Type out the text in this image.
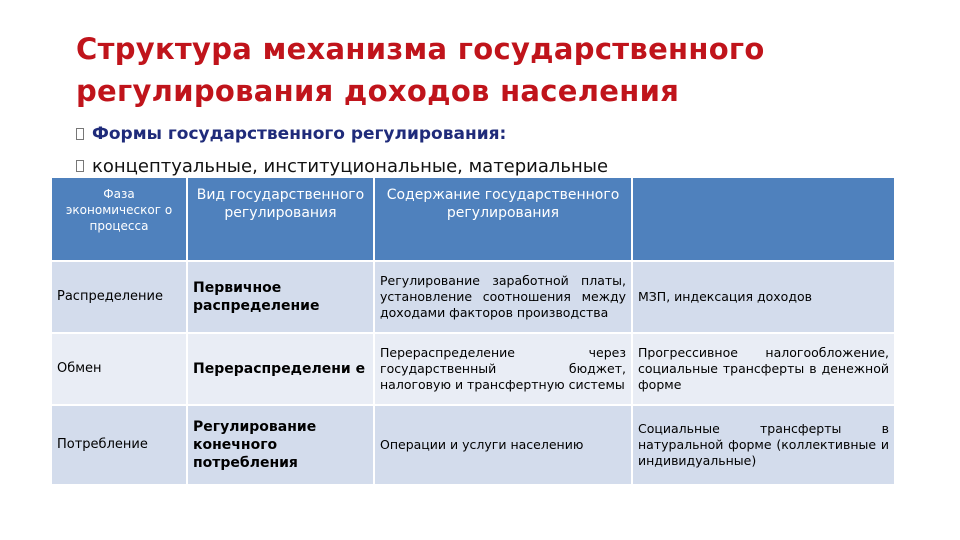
Структура механизма государственного регулирования доходов населения
Формы государственного регулирования:
концептуальные, институциональные, материальные
Фаза экономическог о процесса	Вид государственного регулирования	Содержание государственного регулирования	
Распределение	Первичное распределение	Регулирование заработной платы, установление соотношения между доходами факторов производства	МЗП, индексация доходов
Обмен	Перераспределени е	Перераспределение через государственный бюджет, налоговую и трансфертную системы	Прогрессивное налогообложение, социальные трансферты в денежной форме
Потребление	Регулирование конечного потребления	Операции и услуги населению	Социальные трансферты в натуральной форме (коллективные и индивидуальные)
